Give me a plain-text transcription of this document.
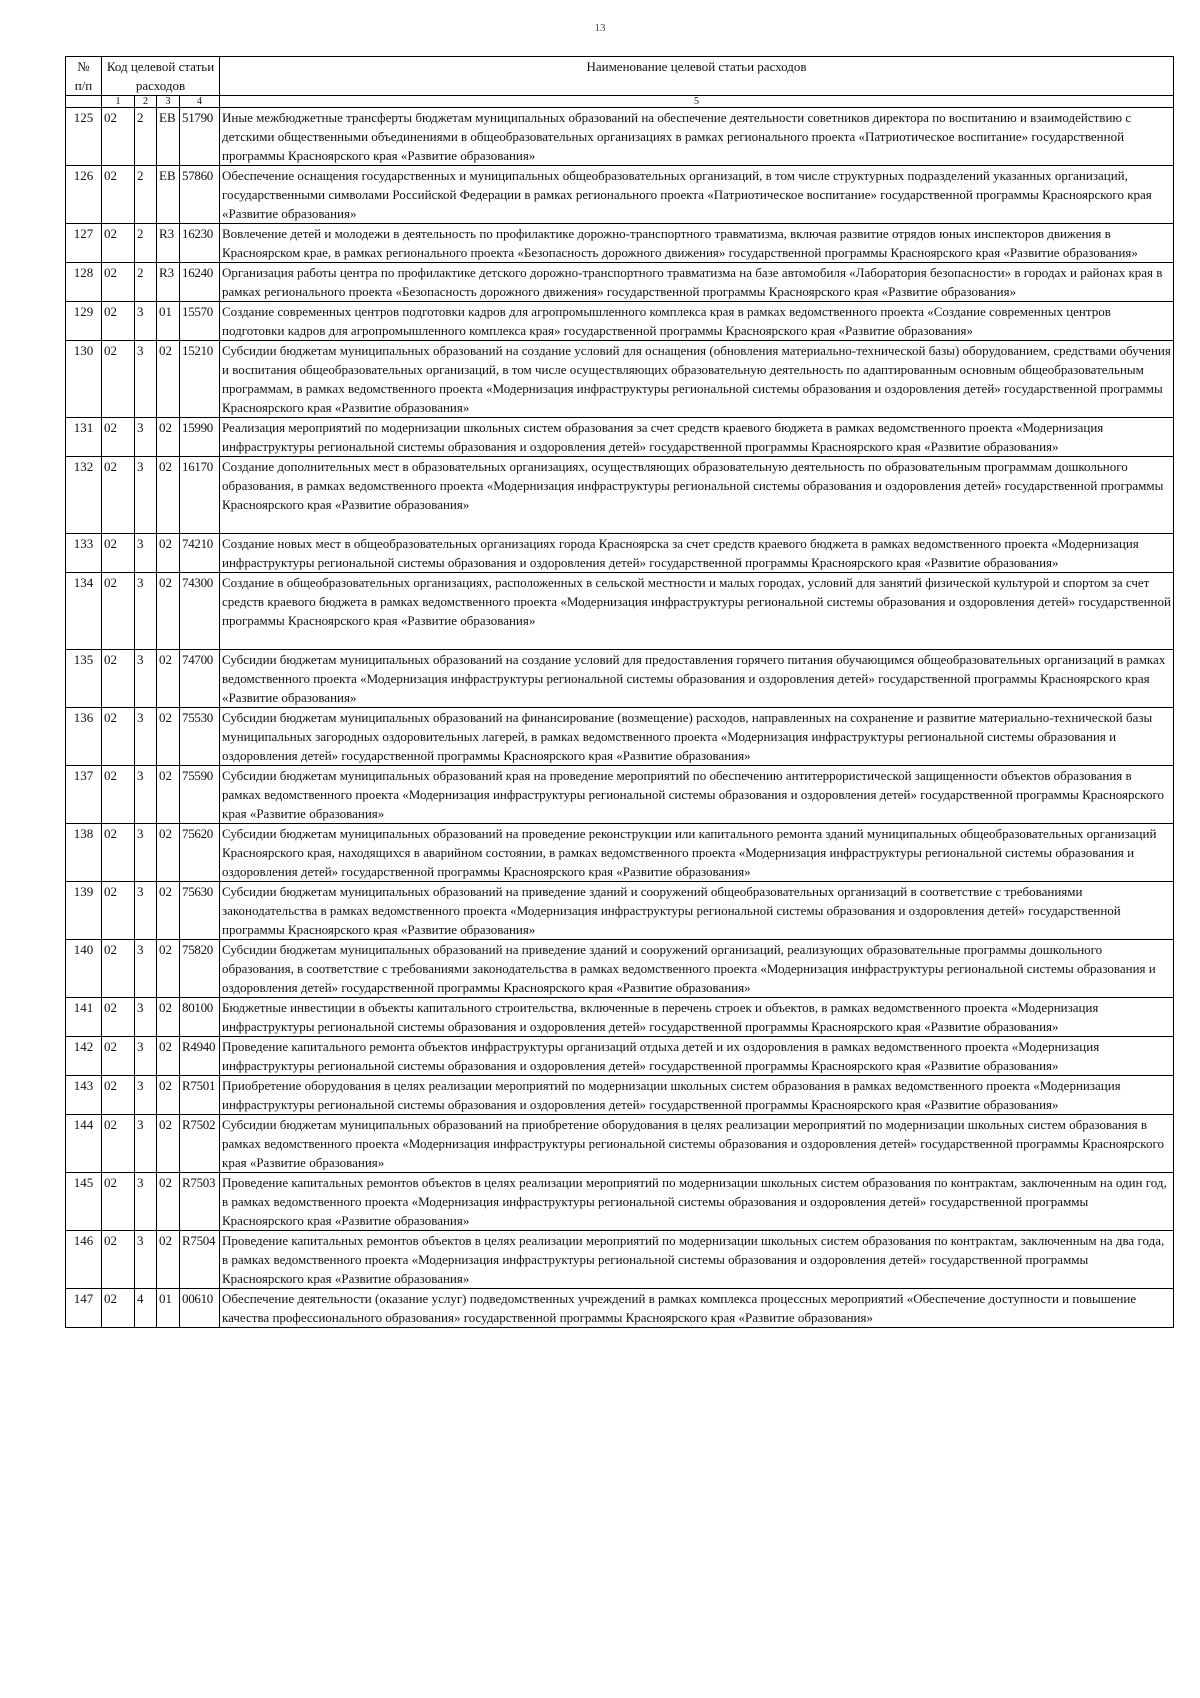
13
№
п/п	Код целевой статьи				Наименование целевой статьи расходов

	расходов				

	1	2	3	4	5
125	02	2	EB	51790	Иные межбюджетные трансферты бюджетам муниципальных образований на обеспечение деятельности советников директора по воспитанию и взаимодействию с детскими общественными объединениями в общеобразовательных организациях в рамках регионального проекта «Патриотическое воспитание» государственной программы Красноярского края «Развитие образования»
126	02	2	EB	57860	Обеспечение оснащения государственных и муниципальных общеобразовательных организаций, в том числе структурных подразделений указанных организаций, государственными символами Российской Федерации в рамках регионального проекта «Патриотическое воспитание» государственной программы Красноярского края «Развитие образования»
127	02	2	R3	16230	Вовлечение детей и молодежи в деятельность по профилактике дорожно-транспортного травматизма, включая развитие отрядов юных инспекторов движения в Красноярском крае, в рамках регионального проекта «Безопасность дорожного движения» государственной программы Красноярского края «Развитие образования»
128	02	2	R3	16240	Организация работы центра по профилактике детского дорожно-транспортного травматизма на базе автомобиля «Лаборатория безопасности» в городах и районах края в рамках регионального проекта «Безопасность дорожного движения» государственной программы Красноярского края «Развитие образования»
129	02	3	01	15570	Создание современных центров подготовки кадров для агропромышленного комплекса края в рамках ведомственного проекта «Создание современных центров подготовки кадров для агропромышленного комплекса края» государственной программы Красноярского края «Развитие образования»
130	02	3	02	15210	Субсидии бюджетам муниципальных образований на создание условий для оснащения (обновления материально-технической базы) оборудованием, средствами обучения и воспитания общеобразовательных организаций, в том числе осуществляющих образовательную деятельность по адаптированным основным общеобразовательным программам, в рамках ведомственного проекта «Модернизация инфраструктуры региональной системы образования и оздоровления детей» государственной программы Красноярского края «Развитие образования»
131	02	3	02	15990	Реализация мероприятий по модернизации школьных систем образования за счет средств краевого бюджета в рамках ведомственного проекта «Модернизация инфраструктуры региональной системы образования и оздоровления детей» государственной программы Красноярского края «Развитие образования»
132	02	3	02	16170	Создание дополнительных мест в образовательных организациях, осуществляющих образовательную деятельность по образовательным программам дошкольного образования, в рамках ведомственного проекта «Модернизация инфраструктуры региональной системы образования и оздоровления детей» государственной программы Красноярского края «Развитие образования»
133	02	3	02	74210	Создание новых мест в общеобразовательных организациях города Красноярска за счет средств краевого бюджета в рамках ведомственного проекта «Модернизация инфраструктуры региональной системы образования и оздоровления детей» государственной программы Красноярского края «Развитие образования»
134	02	3	02	74300	Создание в общеобразовательных организациях, расположенных в сельской местности и малых городах, условий для занятий физической культурой и спортом за счет средств краевого бюджета в рамках ведомственного проекта «Модернизация инфраструктуры региональной системы образования и оздоровления детей» государственной программы Красноярского края «Развитие образования»
135	02	3	02	74700	Субсидии бюджетам муниципальных образований на создание условий для предоставления горячего питания обучающимся общеобразовательных организаций в рамках ведомственного проекта «Модернизация инфраструктуры региональной системы образования и оздоровления детей» государственной программы Красноярского края «Развитие образования»
136	02	3	02	75530	Субсидии бюджетам муниципальных образований на финансирование (возмещение) расходов, направленных на сохранение и развитие материально-технической базы муниципальных загородных оздоровительных лагерей, в рамках ведомственного проекта «Модернизация инфраструктуры региональной системы образования и оздоровления детей» государственной программы Красноярского края «Развитие образования»
137	02	3	02	75590	Субсидии бюджетам муниципальных образований края на проведение мероприятий по обеспечению антитеррористической защищенности объектов образования в рамках ведомственного проекта «Модернизация инфраструктуры региональной системы образования и оздоровления детей» государственной программы Красноярского края «Развитие образования»
138	02	3	02	75620	Субсидии бюджетам муниципальных образований на проведение реконструкции или капитального ремонта зданий муниципальных общеобразовательных организаций Красноярского края, находящихся в аварийном состоянии, в рамках ведомственного проекта «Модернизация инфраструктуры региональной системы образования и оздоровления детей» государственной программы Красноярского края «Развитие образования»
139	02	3	02	75630	Субсидии бюджетам муниципальных образований на приведение зданий и сооружений общеобразовательных организаций в соответствие с требованиями законодательства в рамках ведомственного проекта «Модернизация инфраструктуры региональной системы образования и оздоровления детей» государственной программы Красноярского края «Развитие образования»
140	02	3	02	75820	Субсидии бюджетам муниципальных образований на приведение зданий и сооружений организаций, реализующих образовательные программы дошкольного образования, в соответствие с требованиями законодательства в рамках ведомственного проекта «Модернизация инфраструктуры региональной системы образования и оздоровления детей» государственной программы Красноярского края «Развитие образования»
141	02	3	02	80100	Бюджетные инвестиции в объекты капитального строительства, включенные в перечень строек и объектов, в рамках ведомственного проекта «Модернизация инфраструктуры региональной системы образования и оздоровления детей» государственной программы Красноярского края «Развитие образования»
142	02	3	02	R4940	Проведение капитального ремонта объектов инфраструктуры организаций отдыха детей и их оздоровления в рамках ведомственного проекта «Модернизация инфраструктуры региональной системы образования и оздоровления детей» государственной программы Красноярского края «Развитие образования»
143	02	3	02	R7501	Приобретение оборудования в целях реализации мероприятий по модернизации школьных систем образования в рамках ведомственного проекта «Модернизация инфраструктуры региональной системы образования и оздоровления детей» государственной программы Красноярского края «Развитие образования»
144	02	3	02	R7502	Субсидии бюджетам муниципальных образований на приобретение оборудования в целях реализации мероприятий по модернизации школьных систем образования в рамках ведомственного проекта «Модернизация инфраструктуры региональной системы образования и оздоровления детей» государственной программы Красноярского края «Развитие образования»
145	02	3	02	R7503	Проведение капитальных ремонтов объектов в целях реализации мероприятий по модернизации школьных систем образования по контрактам, заключенным на один год, в рамках ведомственного проекта «Модернизация инфраструктуры региональной системы образования и оздоровления детей» государственной программы Красноярского края «Развитие образования»
146	02	3	02	R7504	Проведение капитальных ремонтов объектов в целях реализации мероприятий по модернизации школьных систем образования по контрактам, заключенным на два года, в рамках ведомственного проекта «Модернизация инфраструктуры региональной системы образования и оздоровления детей» государственной программы Красноярского края «Развитие образования»
147	02	4	01	00610	Обеспечение деятельности (оказание услуг) подведомственных учреждений в рамках комплекса процессных мероприятий «Обеспечение доступности и повышение качества профессионального образования» государственной программы Красноярского края «Развитие образования»
